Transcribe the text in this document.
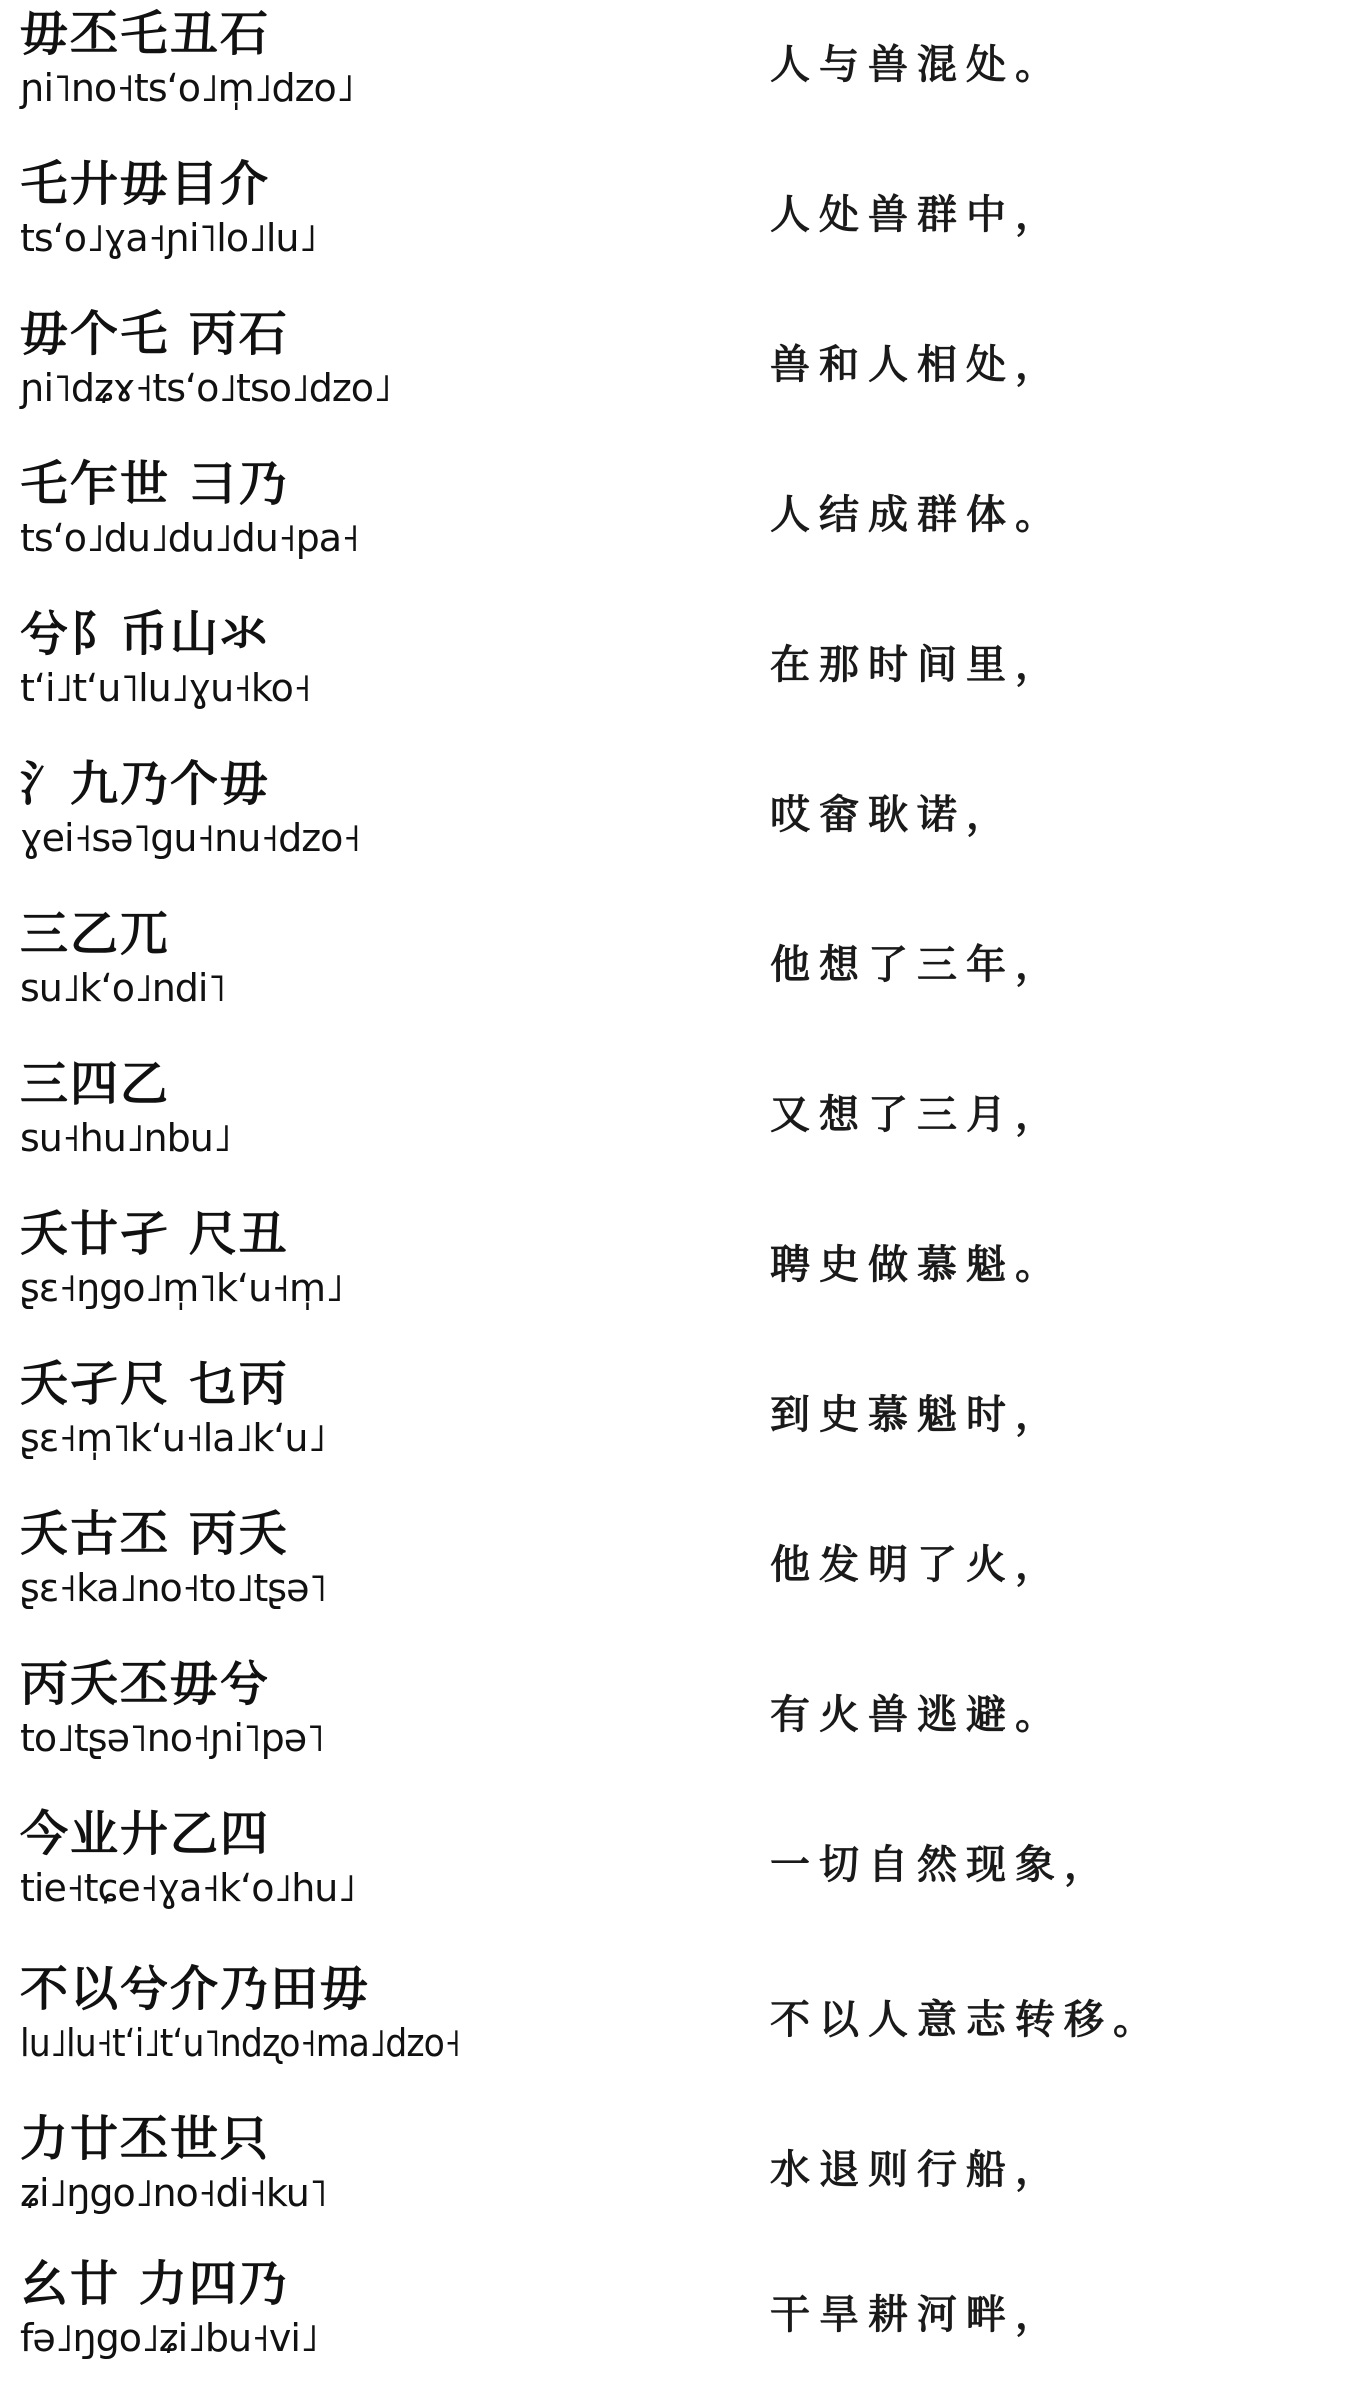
毋丕乇丑石
ɲi˥no˧tsʻo˩m̩˩dzo˩	人与兽混处。
乇廾毋目介
tsʻo˩ɣa˧ɲi˥lo˩lu˩	人处兽群中，
毋个乇 丙石
ɲi˥dʑɤ˧tsʻo˩tso˩dzo˩	兽和人相处，
乇乍世 彐乃
tsʻo˩du˩du˩du˧pa˧	人结成群体。
兮阝币山氺
tʻi˩tʻu˥lu˩ɣu˧ko˧	在那时间里，
氵九乃个毋
ɣei˧sə˥gu˧nu˧dzo˧	哎畲耿诺，
三乙兀
su˩kʻo˩ndi˥	他想了三年，
三四乙
su˧hu˩nbu˩	又想了三月，
夭廿孑 尺丑
ʂɛ˧ŋgo˩m̩˥kʻu˧m̩˩	聘史做慕魁。
夭孑尺 乜丙
ʂɛ˧m̩˥kʻu˧la˩kʻu˩	到史慕魁时，
夭古丕 丙夭
ʂɛ˧ka˩no˧to˩tʂə˥	他发明了火，
丙夭丕毋兮
to˩tʂə˥no˧ɲi˥pə˥	有火兽逃避。
今业廾乙四
tie˧tɕe˧ɣa˧kʻo˩hu˩	一切自然现象，
不以兮介乃田毋
lu˩lu˧tʻi˩tʻu˥ndʐo˧ma˩dzo˧	不以人意志转移。
力廿丕世只
ʑi˩ŋgo˩no˧di˧ku˥	水退则行船，
幺廿 力四乃
fə˩ŋgo˩ʑi˩bu˧vi˩	干旱耕河畔，
